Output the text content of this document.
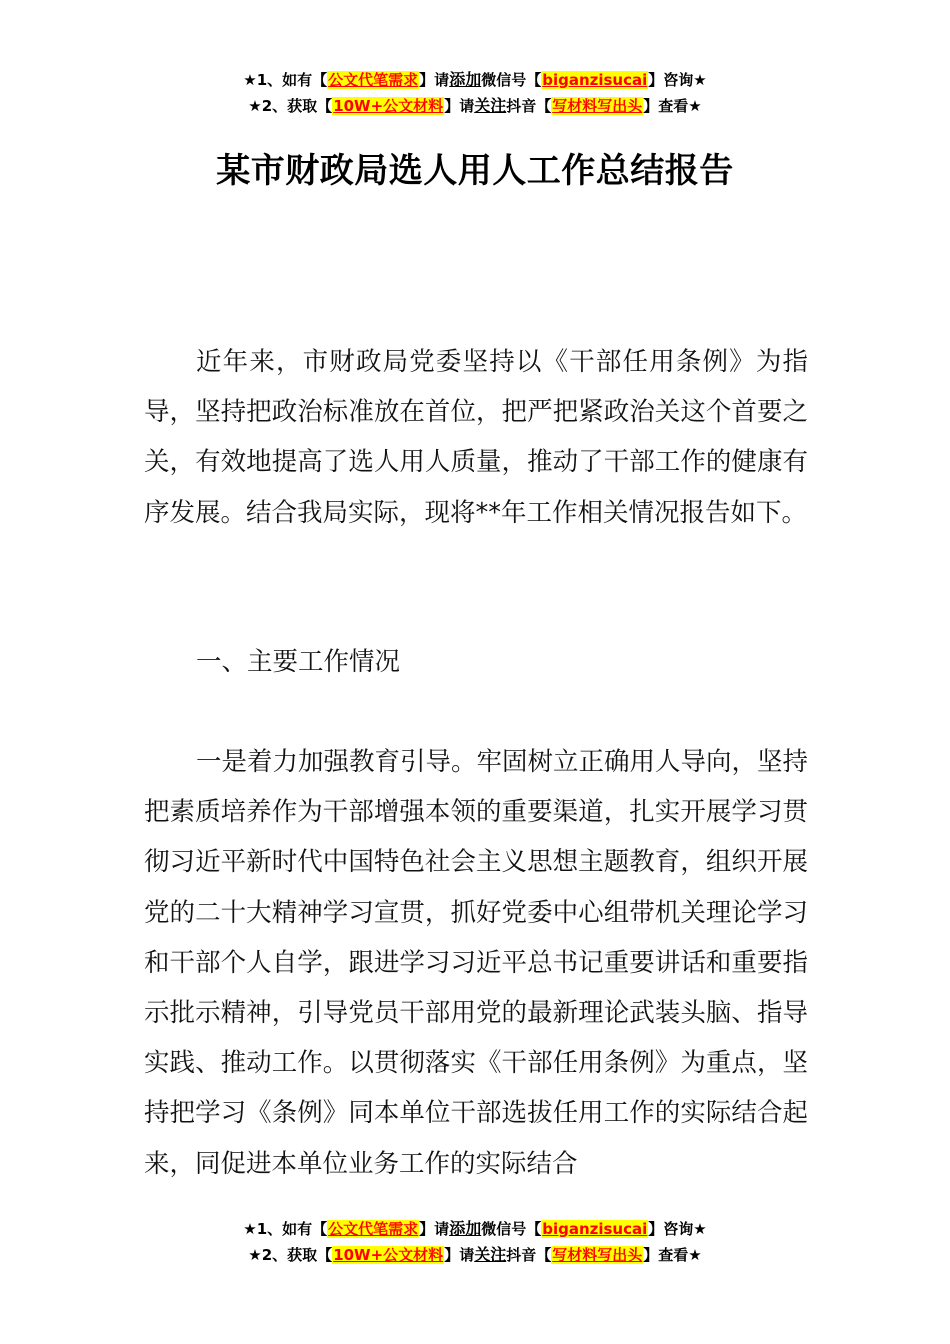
★1、如有【公文代笔需求】请添加微信号【biganzisucai】咨询★
★2、获取【10W+公文材料】请关注抖音【写材料写出头】查看★
某市财政局选人用人工作总结报告

近年来，市财政局党委坚持以《干部任用条例》为指导，坚持把政治标准放在首位，把严把紧政治关这个首要之关，有效地提高了选人用人质量，推动了干部工作的健康有序发展。结合我局实际，现将**年工作相关情况报告如下。

一、主要工作情况

一是着力加强教育引导。牢固树立正确用人导向，坚持把素质培养作为干部增强本领的重要渠道，扎实开展学习贯彻习近平新时代中国特色社会主义思想主题教育，组织开展党的二十大精神学习宣贯，抓好党委中心组带机关理论学习和干部个人自学，跟进学习习近平总书记重要讲话和重要指示批示精神，引导党员干部用党的最新理论武装头脑、指导实践、推动工作。以贯彻落实《干部任用条例》为重点，坚持把学习《条例》同本单位干部选拔任用工作的实际结合起来，同促进本单位业务工作的实际结合

★1、如有【公文代笔需求】请添加微信号【biganzisucai】咨询★
★2、获取【10W+公文材料】请关注抖音【写材料写出头】查看★
